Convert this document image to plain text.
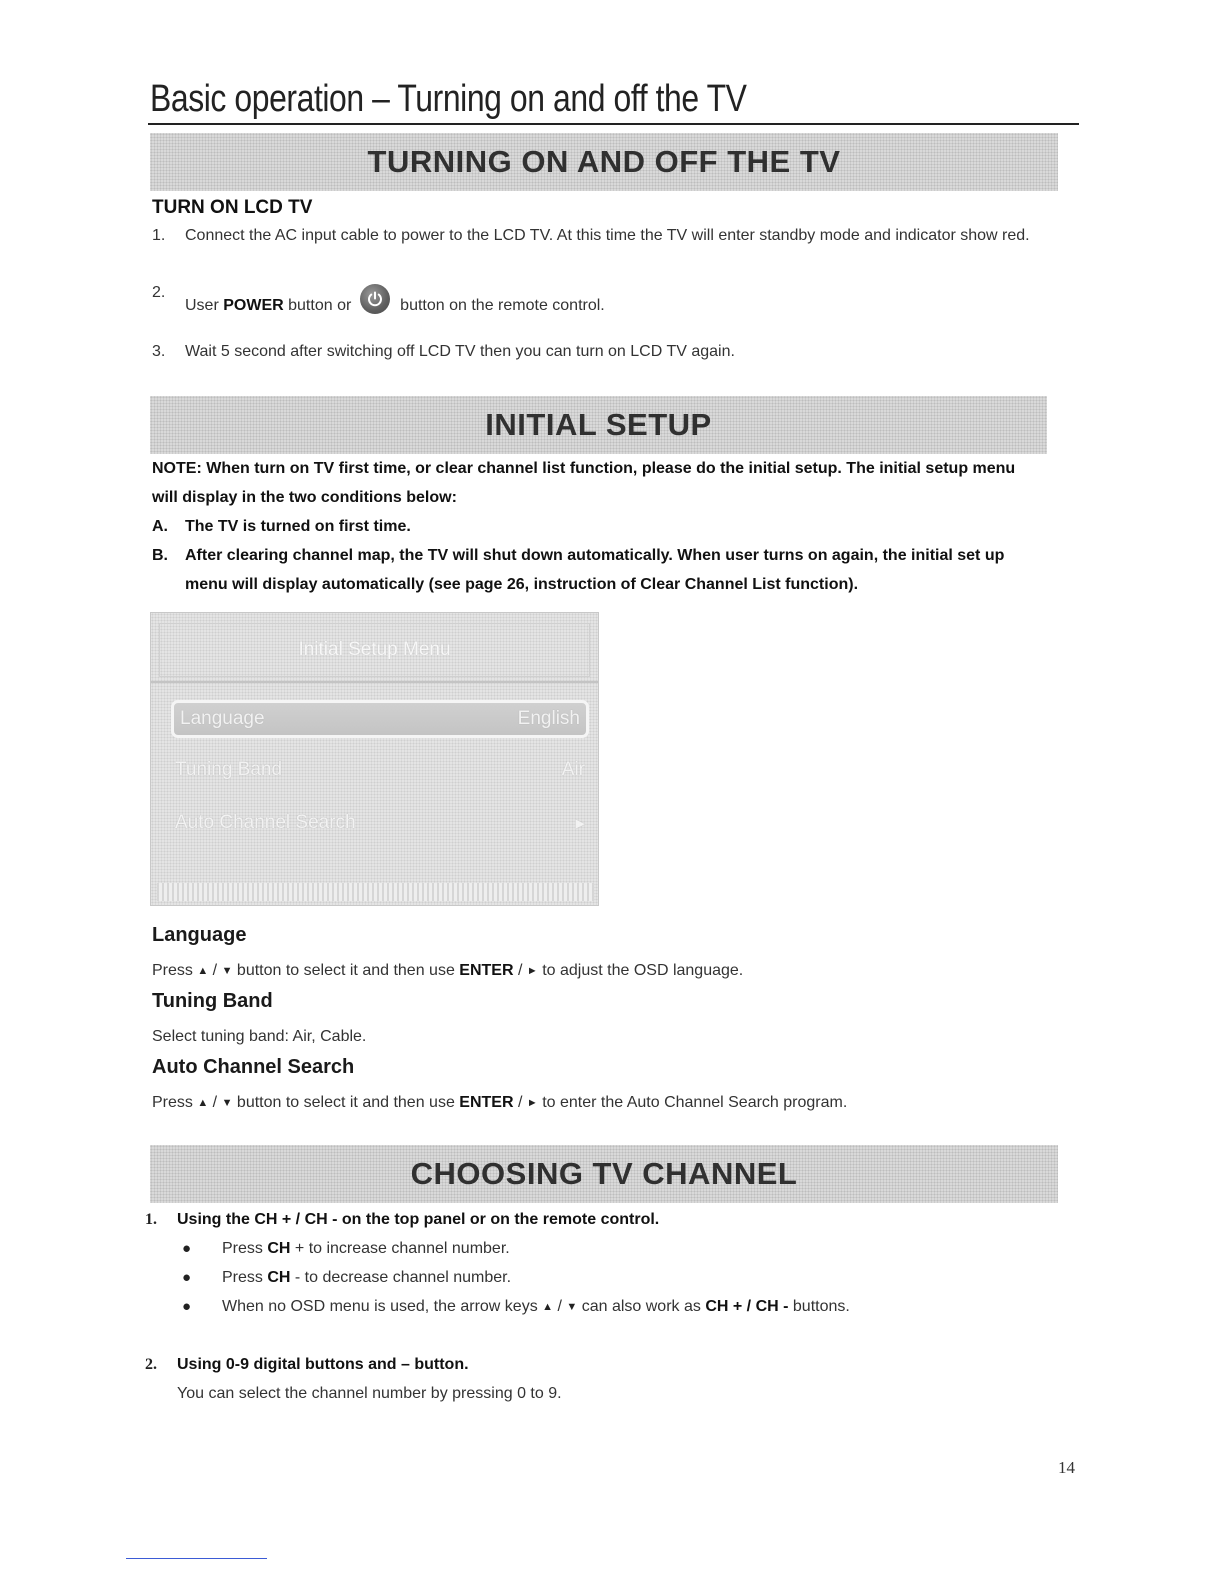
Basic operation – Turning on and off the TV
TURNING ON AND OFF THE TV
TURN ON LCD TV
1. Connect the AC input cable to power to the LCD TV. At this time the TV will enter standby mode and indicator show red.
2.
User POWER button or	button on the remote control.
3. Wait 5 second after switching off LCD TV then you can turn on LCD TV again.
INITIAL SETUP
NOTE: When turn on TV first time, or clear channel list function, please do the initial setup. The initial setup menu
will display in the two conditions below:
A. The TV is turned on first time.
B. After clearing channel map, the TV will shut down automatically. When user turns on again, the initial set up
menu will display automatically (see page 26, instruction of Clear Channel List function).
Initial Setup Menu
Language	English
Tuning Band	Air
Auto Channel Search	▸
Language
Press ▲ / ▼ button to select it and then use ENTER / ► to adjust the OSD language.
Tuning Band
Select tuning band: Air, Cable.
Auto Channel Search
Press ▲ / ▼ button to select it and then use ENTER / ► to enter the Auto Channel Search program.
CHOOSING TV CHANNEL
1. Using the CH + / CH - on the top panel or on the remote control.
● Press CH + to increase channel number.
● Press CH - to decrease channel number.
● When no OSD menu is used, the arrow keys ▲ / ▼ can also work as CH + / CH - buttons.
2. Using 0-9 digital buttons and – button.
You can select the channel number by pressing 0 to 9.
14
